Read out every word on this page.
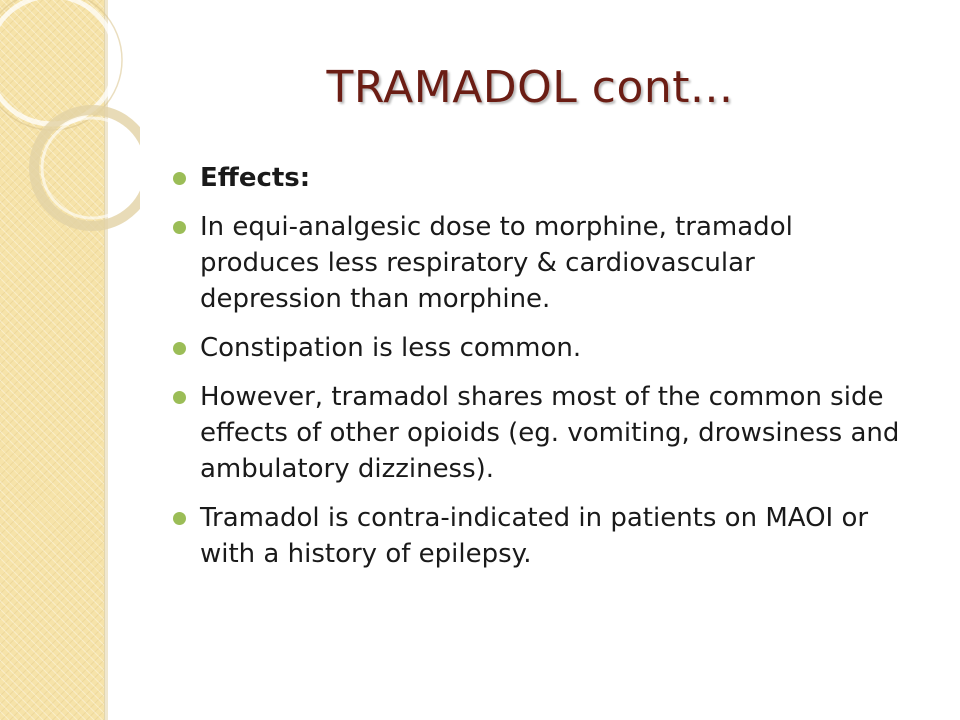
TRAMADOL cont...
Effects:
In equi-analgesic dose to morphine, tramadol produces less respiratory & cardiovascular depression than morphine.
Constipation is less common.
However, tramadol shares most of the common side effects of other opioids (eg. vomiting, drowsiness and ambulatory dizziness).
Tramadol is contra-indicated in patients on MAOI or with a history of epilepsy.
